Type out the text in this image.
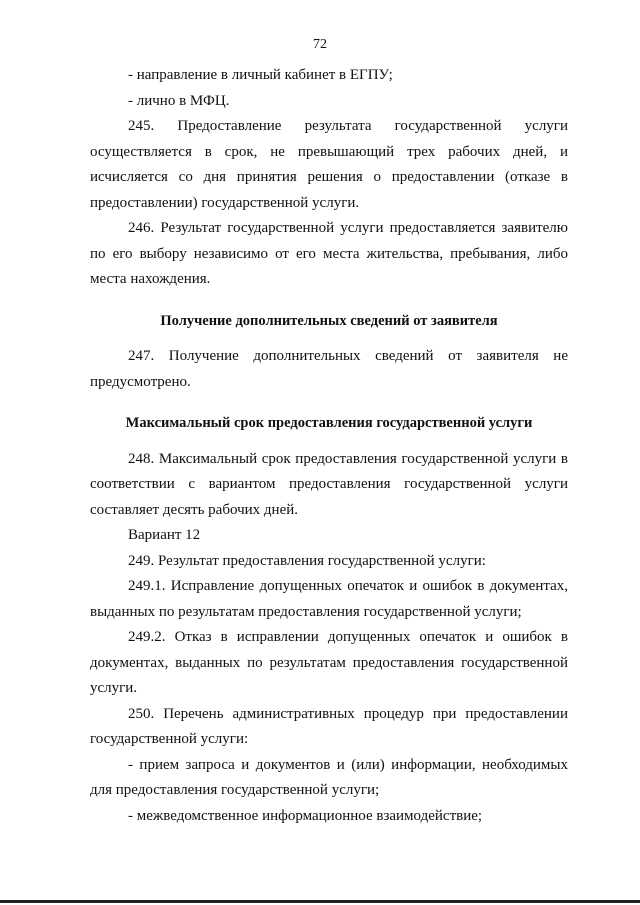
72

- направление в личный кабинет в ЕГПУ;

- лично в МФЦ.

245. Предоставление результата государственной услуги осуществляется в срок, не превышающий трех рабочих дней, и исчисляется со дня принятия решения о предоставлении (отказе в предоставлении) государственной услуги.

246. Результат государственной услуги предоставляется заявителю по его выбору независимо от его места жительства, пребывания, либо места нахождения.

Получение дополнительных сведений от заявителя

247. Получение дополнительных сведений от заявителя не предусмотрено.

Максимальный срок предоставления государственной услуги

248. Максимальный срок предоставления государственной услуги в соответствии с вариантом предоставления государственной услуги составляет десять рабочих дней.

Вариант 12

249. Результат предоставления государственной услуги:

249.1. Исправление допущенных опечаток и ошибок в документах, выданных по результатам предоставления государственной услуги;

249.2. Отказ в исправлении допущенных опечаток и ошибок в документах, выданных по результатам предоставления государственной услуги.

250. Перечень административных процедур при предоставлении государственной услуги:

- прием запроса и документов и (или) информации, необходимых для предоставления государственной услуги;

- межведомственное информационное взаимодействие;
